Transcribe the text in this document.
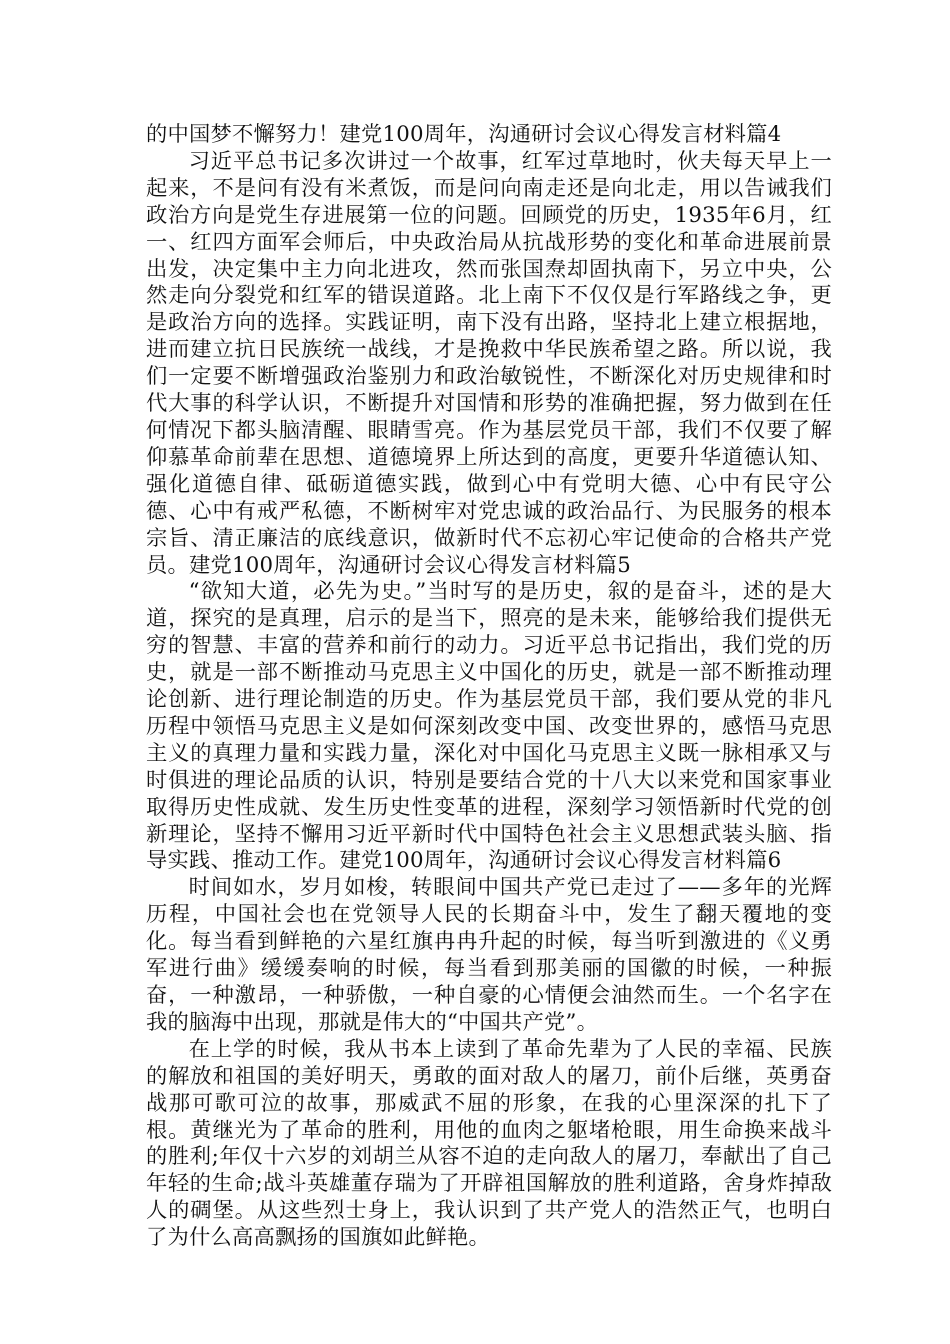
的中国梦不懈努力！建党100周年，沟通研讨会议心得发言材料篇4

习近平总书记多次讲过一个故事，红军过草地时，伙夫每天早上一起来，不是问有没有米煮饭，而是问向南走还是向北走，用以告诫我们政治方向是党生存进展第一位的问题。回顾党的历史，1935年6月，红一、红四方面军会师后，中央政治局从抗战形势的变化和革命进展前景出发，决定集中主力向北进攻，然而张国焘却固执南下，另立中央，公然走向分裂党和红军的错误道路。北上南下不仅仅是行军路线之争，更是政治方向的选择。实践证明，南下没有出路，坚持北上建立根据地，进而建立抗日民族统一战线，才是挽救中华民族希望之路。所以说，我们一定要不断增强政治鉴别力和政治敏锐性，不断深化对历史规律和时代大事的科学认识，不断提升对国情和形势的准确把握，努力做到在任何情况下都头脑清醒、眼睛雪亮。作为基层党员干部，我们不仅要了解仰慕革命前辈在思想、道德境界上所达到的高度，更要升华道德认知、强化道德自律、砥砺道德实践，做到心中有党明大德、心中有民守公德、心中有戒严私德，不断树牢对党忠诚的政治品行、为民服务的根本宗旨、清正廉洁的底线意识，做新时代不忘初心牢记使命的合格共产党员。建党100周年，沟通研讨会议心得发言材料篇5

“欲知大道，必先为史。”当时写的是历史，叙的是奋斗，述的是大道，探究的是真理，启示的是当下，照亮的是未来，能够给我们提供无穷的智慧、丰富的营养和前行的动力。习近平总书记指出，我们党的历史，就是一部不断推动马克思主义中国化的历史，就是一部不断推动理论创新、进行理论制造的历史。作为基层党员干部，我们要从党的非凡历程中领悟马克思主义是如何深刻改变中国、改变世界的，感悟马克思主义的真理力量和实践力量，深化对中国化马克思主义既一脉相承又与时俱进的理论品质的认识，特别是要结合党的十八大以来党和国家事业取得历史性成就、发生历史性变革的进程，深刻学习领悟新时代党的创新理论，坚持不懈用习近平新时代中国特色社会主义思想武装头脑、指导实践、推动工作。建党100周年，沟通研讨会议心得发言材料篇6

时间如水，岁月如梭，转眼间中国共产党已走过了——多年的光辉历程，中国社会也在党领导人民的长期奋斗中，发生了翻天覆地的变化。每当看到鲜艳的六星红旗冉冉升起的时候，每当听到激进的《义勇军进行曲》缓缓奏响的时候，每当看到那美丽的国徽的时候，一种振奋，一种激昂，一种骄傲，一种自豪的心情便会油然而生。一个名字在我的脑海中出现，那就是伟大的“中国共产党”。

在上学的时候，我从书本上读到了革命先辈为了人民的幸福、民族的解放和祖国的美好明天，勇敢的面对敌人的屠刀，前仆后继，英勇奋战那可歌可泣的故事，那威武不屈的形象，在我的心里深深的扎下了根。黄继光为了革命的胜利，用他的血肉之躯堵枪眼，用生命换来战斗的胜利;年仅十六岁的刘胡兰从容不迫的走向敌人的屠刀，奉献出了自己年轻的生命;战斗英雄董存瑞为了开辟祖国解放的胜利道路，舍身炸掉敌人的碉堡。从这些烈士身上，我认识到了共产党人的浩然正气，也明白了为什么高高飘扬的国旗如此鲜艳。
